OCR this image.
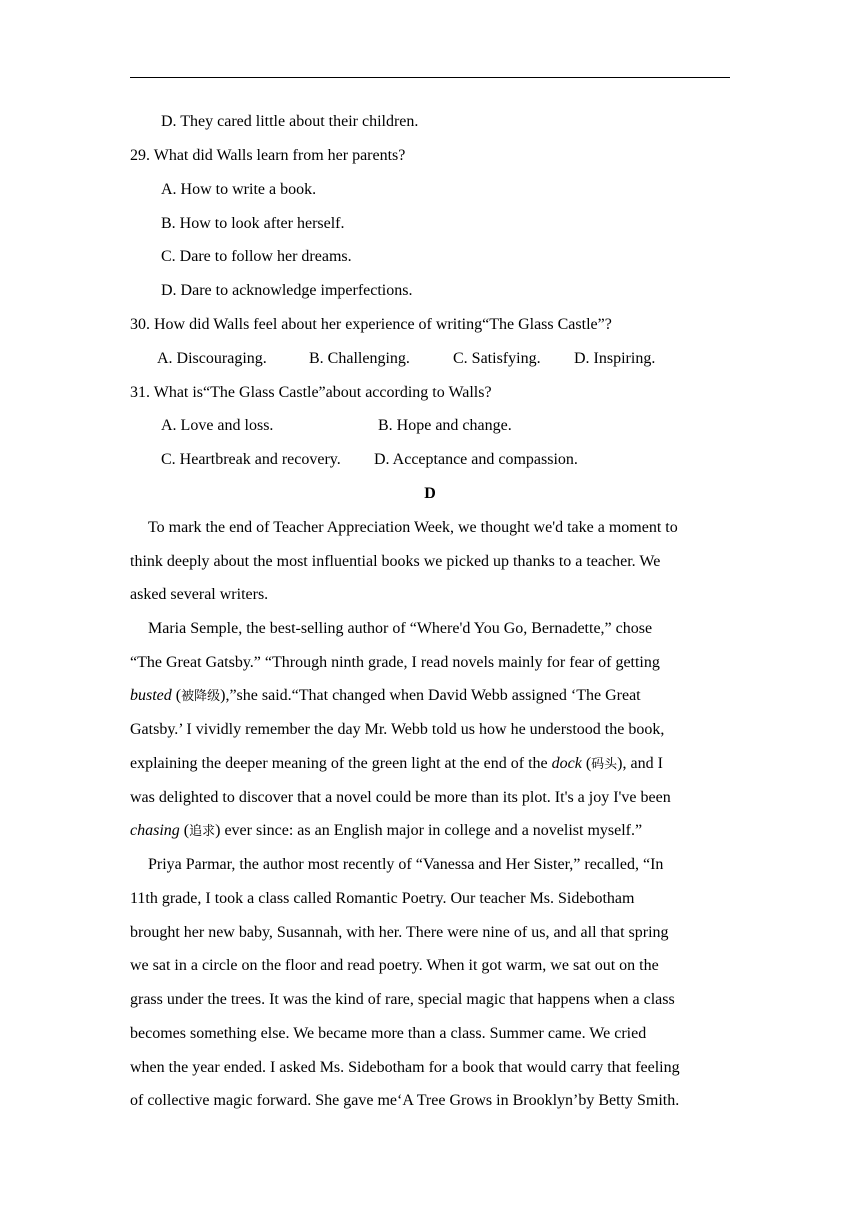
D. They cared little about their children.
29. What did Walls learn from her parents?
A. How to write a book.
B. How to look after herself.
C. Dare to follow her dreams.
D. Dare to acknowledge imperfections.
30. How did Walls feel about her experience of writing“The Glass Castle”?
A. Discouraging.	B. Challenging.	C. Satisfying. D. Inspiring.
31. What is“The Glass Castle”about according to Walls?
A. Love and loss.	B. Hope and change.
C. Heartbreak and recovery. D. Acceptance and compassion.
D
To mark the end of Teacher Appreciation Week, we thought we'd take a moment to
think deeply about the most influential books we picked up thanks to a teacher. We
asked several writers.
Maria Semple, the best-selling author of “Where'd You Go, Bernadette,” chose
“The Great Gatsby.” “Through ninth grade, I read novels mainly for fear of getting
busted (被降级),”she said.“That changed when David Webb assigned ‘The Great
Gatsby.’ I vividly remember the day Mr. Webb told us how he understood the book,
explaining the deeper meaning of the green light at the end of the dock (码头), and I
was delighted to discover that a novel could be more than its plot. It's a joy I've been
chasing (追求) ever since: as an English major in college and a novelist myself.”
Priya Parmar, the author most recently of “Vanessa and Her Sister,” recalled, “In
11th grade, I took a class called Romantic Poetry. Our teacher Ms. Sidebotham
brought her new baby, Susannah, with her. There were nine of us, and all that spring
we sat in a circle on the floor and read poetry. When it got warm, we sat out on the
grass under the trees. It was the kind of rare, special magic that happens when a class
becomes something else. We became more than a class. Summer came. We cried
when the year ended. I asked Ms. Sidebotham for a book that would carry that feeling
of collective magic forward. She gave me‘A Tree Grows in Brooklyn’by Betty Smith.
